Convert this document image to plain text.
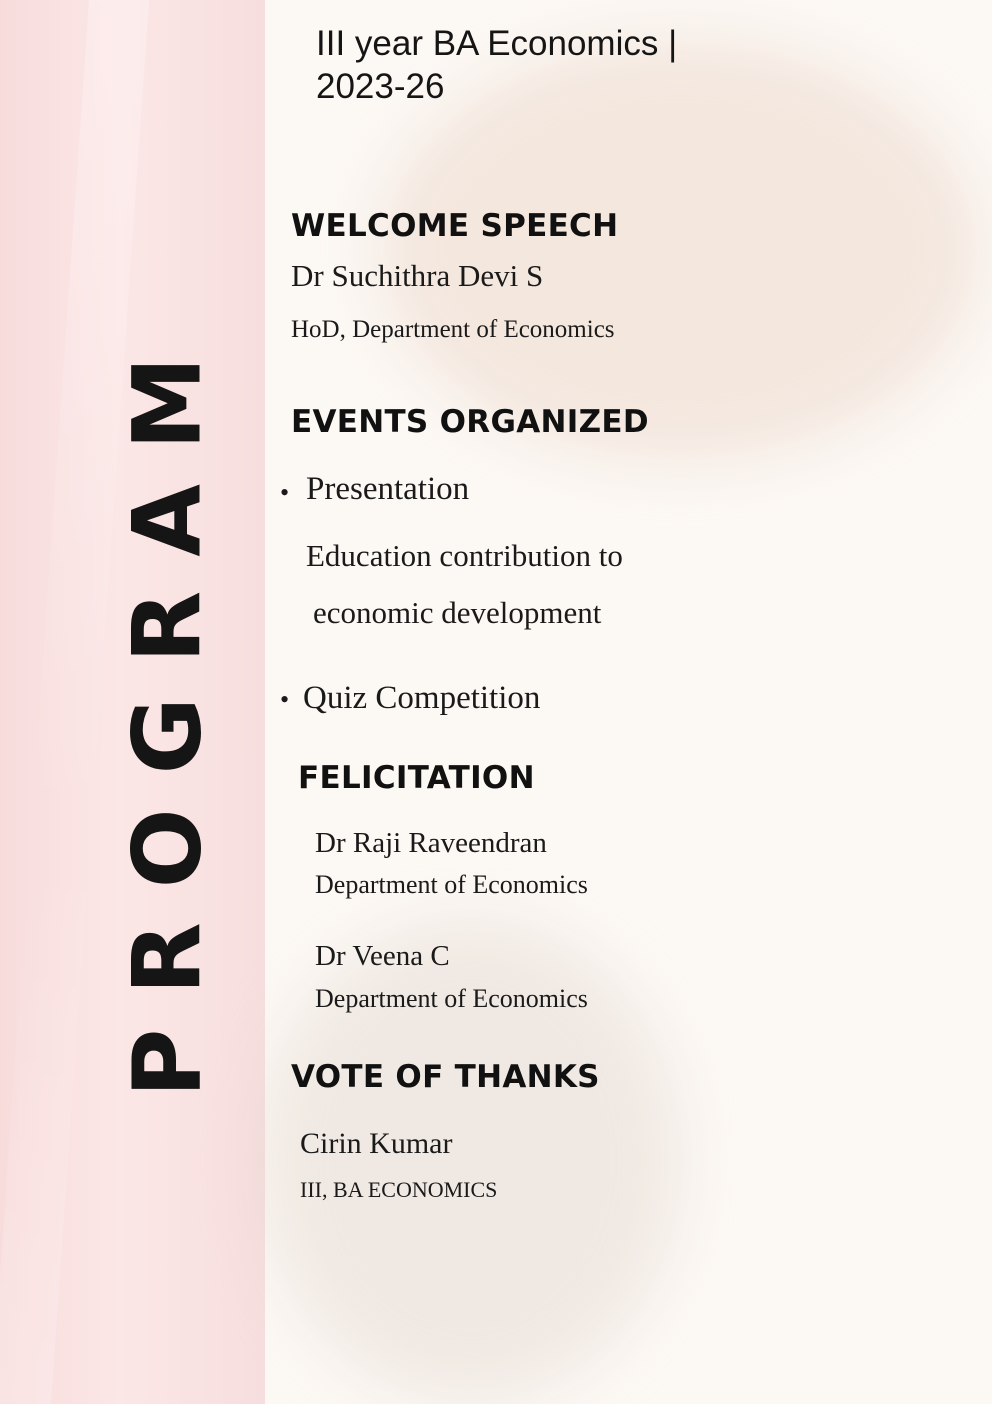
PROGRAM
III year BA Economics |
2023-26
WELCOME SPEECH
Dr Suchithra Devi S
HoD, Department of Economics
EVENTS ORGANIZED
• Presentation
Education contribution to
economic development
• Quiz Competition
FELICITATION
Dr Raji Raveendran
Department of Economics
Dr Veena C
Department of Economics
VOTE OF THANKS
Cirin Kumar
III, BA ECONOMICS
